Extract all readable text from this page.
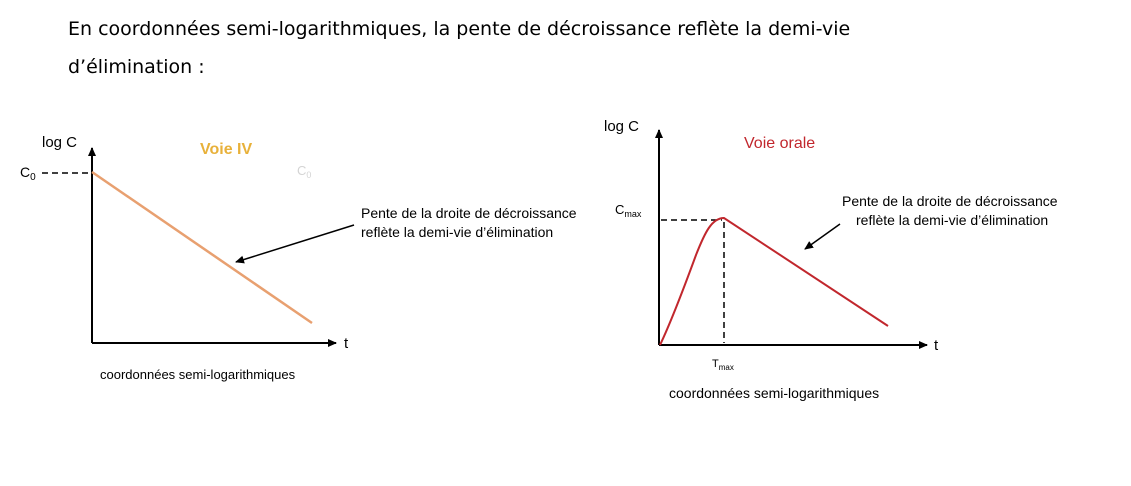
En coordonnées semi-logarithmiques, la pente de décroissance reflète la demi-vie
d’élimination :

log C
t
Voie IV
$C_0$
$C_0$
Pente de la droite de décroissance
reflète la demi-vie d’élimination
coordonnées semi-logarithmiques
log C
t
Voie orale
$C_{max}$
$T_{max}$
Pente de la droite de décroissance
reflète la demi-vie d’élimination
coordonnées semi-logarithmiques
